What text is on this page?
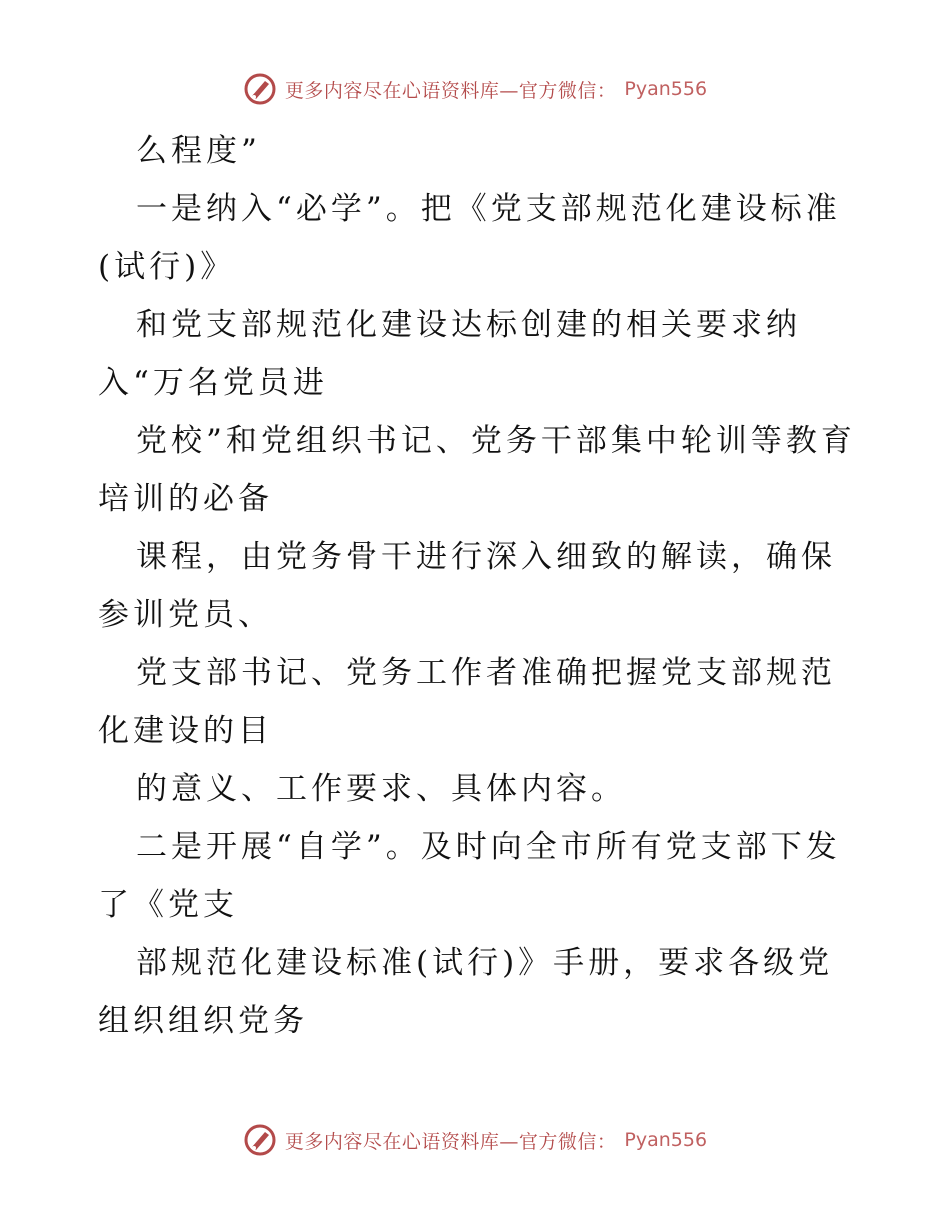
更多内容尽在心语资料库—官方微信： Pyan556

么程度”

一是纳入“必学”。把《党支部规范化建设标准(试行)》

和党支部规范化建设达标创建的相关要求纳入“万名党员进

党校”和党组织书记、党务干部集中轮训等教育培训的必备

课程，由党务骨干进行深入细致的解读，确保参训党员、

党支部书记、党务工作者准确把握党支部规范化建设的目

的意义、工作要求、具体内容。

二是开展“自学”。及时向全市所有党支部下发了《党支

部规范化建设标准(试行)》手册，要求各级党组织组织党务

更多内容尽在心语资料库—官方微信： Pyan556
